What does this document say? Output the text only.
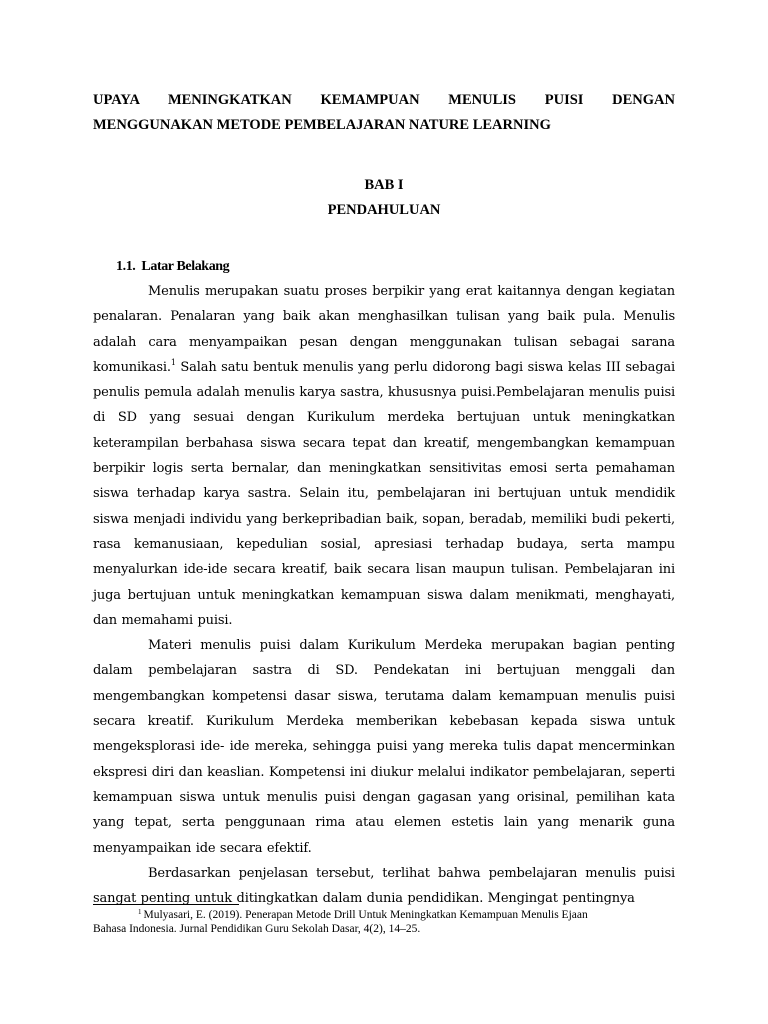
UPAYA MENINGKATKAN KEMAMPUAN MENULIS PUISI DENGAN
MENGGUNAKAN METODE PEMBELAJARAN NATURE LEARNING

BAB I

PENDAHULUAN

1.1. Latar Belakang

Menulis merupakan suatu proses berpikir yang erat kaitannya dengan kegiatan penalaran. Penalaran yang baik akan menghasilkan tulisan yang baik pula. Menulis adalah cara menyampaikan pesan dengan menggunakan tulisan sebagai sarana komunikasi.$^1$ Salah satu bentuk menulis yang perlu didorong bagi siswa kelas III sebagai penulis pemula adalah menulis karya sastra, khususnya puisi.Pembelajaran menulis puisi di SD yang sesuai dengan Kurikulum merdeka bertujuan untuk meningkatkan keterampilan berbahasa siswa secara tepat dan kreatif, mengembangkan kemampuan berpikir logis serta bernalar, dan meningkatkan sensitivitas emosi serta pemahaman siswa terhadap karya sastra. Selain itu, pembelajaran ini bertujuan untuk mendidik siswa menjadi individu yang berkepribadian baik, sopan, beradab, memiliki budi pekerti, rasa kemanusiaan, kepedulian sosial, apresiasi terhadap budaya, serta mampu menyalurkan ide-ide secara kreatif, baik secara lisan maupun tulisan. Pembelajaran ini juga bertujuan untuk meningkatkan kemampuan siswa dalam menikmati, menghayati, dan memahami puisi.

Materi menulis puisi dalam Kurikulum Merdeka merupakan bagian penting dalam pembelajaran sastra di SD. Pendekatan ini bertujuan menggali dan mengembangkan kompetensi dasar siswa, terutama dalam kemampuan menulis puisi secara kreatif. Kurikulum Merdeka memberikan kebebasan kepada siswa untuk mengeksplorasi ide- ide mereka, sehingga puisi yang mereka tulis dapat mencerminkan ekspresi diri dan keaslian. Kompetensi ini diukur melalui indikator pembelajaran, seperti kemampuan siswa untuk menulis puisi dengan gagasan yang orisinal, pemilihan kata yang tepat, serta penggunaan rima atau elemen estetis lain yang menarik guna menyampaikan ide secara efektif.

Berdasarkan penjelasan tersebut, terlihat bahwa pembelajaran menulis puisi sangat penting untuk ditingkatkan dalam dunia pendidikan. Mengingat pentingnya

$^1$ Mulyasari, E. (2019). Penerapan Metode Drill Untuk Meningkatkan Kemampuan Menulis Ejaan
Bahasa Indonesia. Jurnal Pendidikan Guru Sekolah Dasar, 4(2), 14–25.
